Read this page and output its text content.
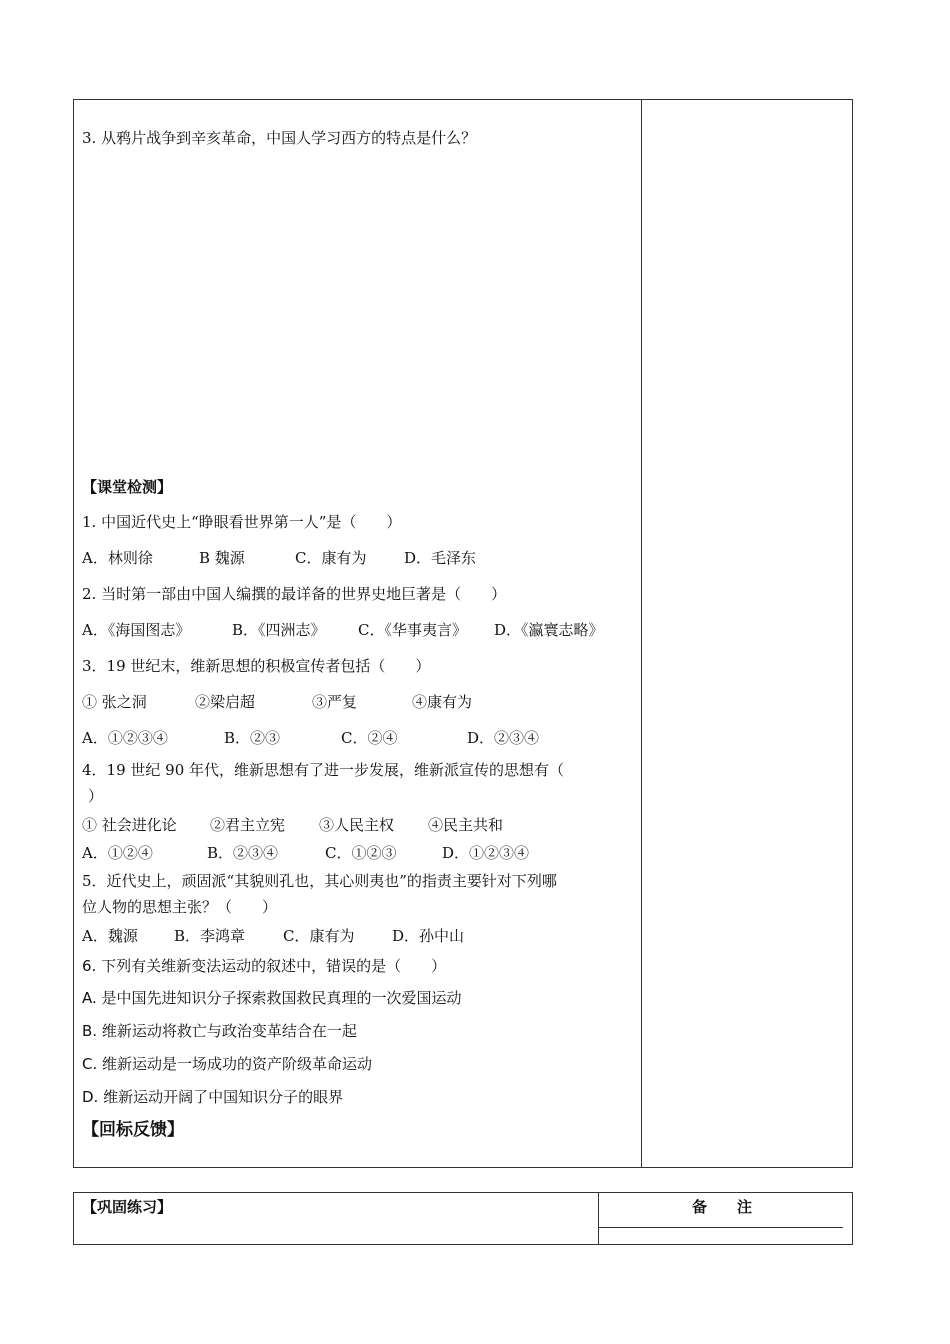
3. 从鸦片战争到辛亥革命，中国人学习西方的特点是什么？
【课堂检测】
1. 中国近代史上“睁眼看世界第一人”是（　　）
A．林则徐	B 魏源	C．康有为	D．毛泽东
2. 当时第一部由中国人编撰的最详备的世界史地巨著是（　　）
A．《海国图志》	B．《四洲志》 C．《华事夷言》 D．《瀛寰志略》
3．19 世纪末，维新思想的积极宣传者包括（　　）
① 张之洞	②梁启超	③严复	④康有为
A．①②③④	B．②③	C．②④	D．②③④
4．19 世纪 90 年代，维新思想有了进一步发展，维新派宣传的思想有（
）
① 社会进化论 ②君主立宪 ③人民主权 ④民主共和
A．①②④	B．②③④	C．①②③	D．①②③④
5．近代史上，顽固派“其貌则孔也，其心则夷也”的指责主要针对下列哪
位人物的思想主张？（　　）
A．魏源 B．李鸿章	C．康有为	D．孙中山
6. 下列有关维新变法运动的叙述中，错误的是（　　）
A. 是中国先进知识分子探索救国救民真理的一次爱国运动
B. 维新运动将救亡与政治变革结合在一起
C. 维新运动是一场成功的资产阶级革命运动
D. 维新运动开阔了中国知识分子的眼界
【回标反馈】
【巩固练习】	备　　注
